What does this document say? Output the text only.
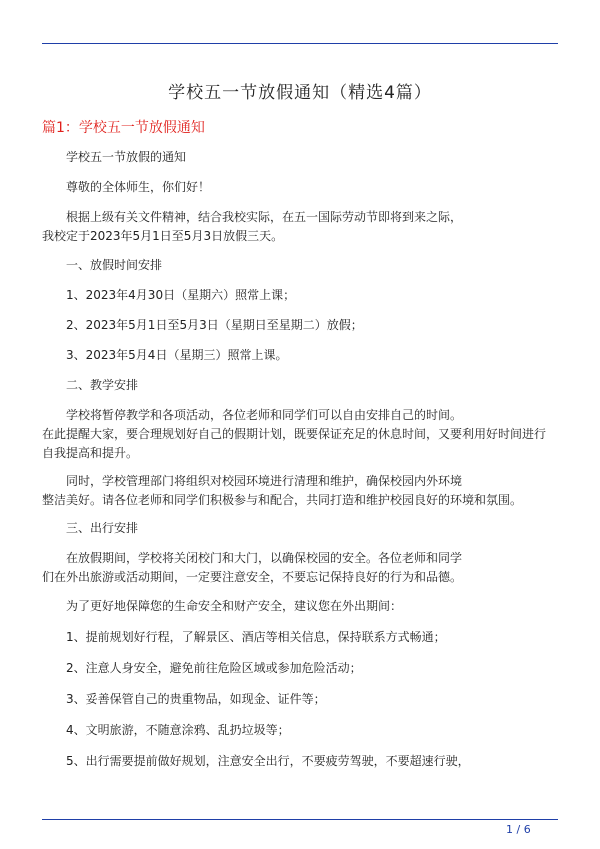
学校五一节放假通知（精选4篇）
篇1：学校五一节放假通知

学校五一节放假的通知

尊敬的全体师生，你们好！

根据上级有关文件精神，结合我校实际，在五一国际劳动节即将到来之际，
我校定于2023年5月1日至5月3日放假三天。

一、放假时间安排

1、2023年4月30日（星期六）照常上课；

2、2023年5月1日至5月3日（星期日至星期二）放假；

3、2023年5月4日（星期三）照常上课。

二、教学安排

学校将暂停教学和各项活动，各位老师和同学们可以自由安排自己的时间。
在此提醒大家，要合理规划好自己的假期计划，既要保证充足的休息时间，又要利用好时间进行
自我提高和提升。

同时，学校管理部门将组织对校园环境进行清理和维护，确保校园内外环境
整洁美好。请各位老师和同学们积极参与和配合，共同打造和维护校园良好的环境和氛围。

三、出行安排

在放假期间，学校将关闭校门和大门，以确保校园的安全。各位老师和同学
们在外出旅游或活动期间，一定要注意安全，不要忘记保持良好的行为和品德。

为了更好地保障您的生命安全和财产安全，建议您在外出期间：

1、提前规划好行程，了解景区、酒店等相关信息，保持联系方式畅通；

2、注意人身安全，避免前往危险区域或参加危险活动；

3、妥善保管自己的贵重物品，如现金、证件等；

4、文明旅游，不随意涂鸦、乱扔垃圾等；

5、出行需要提前做好规划，注意安全出行，不要疲劳驾驶，不要超速行驶，

1 / 6
